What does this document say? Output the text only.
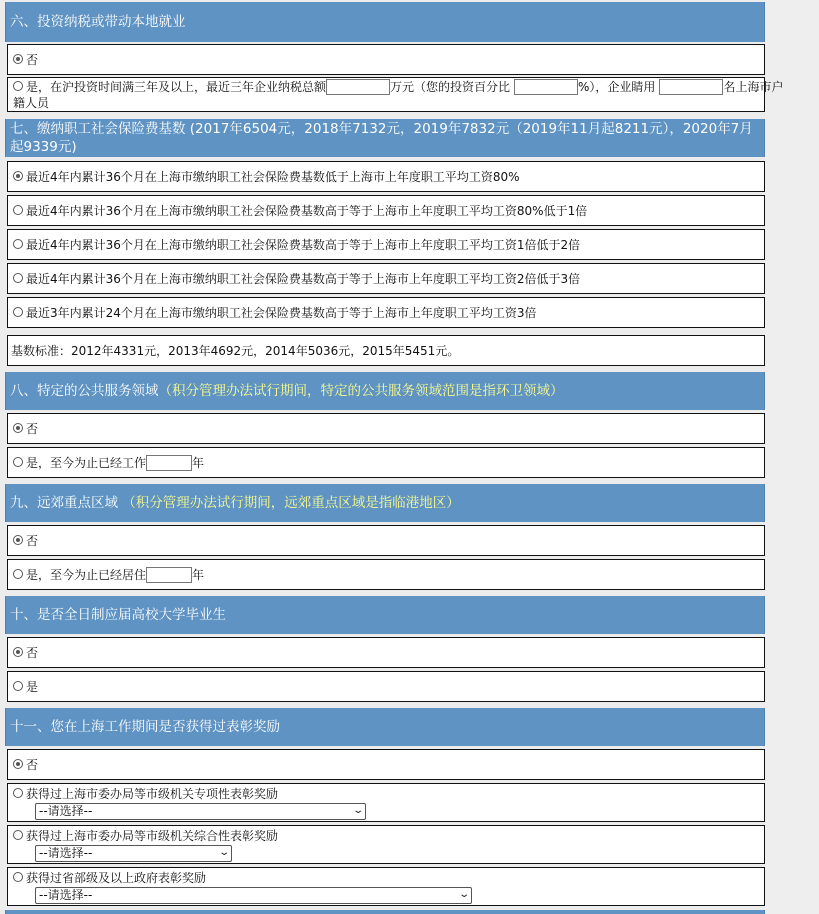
六、投资纳税或带动本地就业
否
是，在沪投资时间满三年及以上，最近三年企业纳税总额	万元（您的投资百分比	%），企业睛用	名上海市户
籍人员
七、缴纳职工社会保险费基数 (2017年6504元，2018年7132元，2019年7832元（2019年11月起8211元），2020年7月起9339元)
最近4年内累计36个月在上海市缴纳职工社会保险费基数低于上海市上年度职工平均工资80%
最近4年内累计36个月在上海市缴纳职工社会保险费基数高于等于上海市上年度职工平均工资80%低于1倍
最近4年内累计36个月在上海市缴纳职工社会保险费基数高于等于上海市上年度职工平均工资1倍低于2倍
最近4年内累计36个月在上海市缴纳职工社会保险费基数高于等于上海市上年度职工平均工资2倍低于3倍
最近3年内累计24个月在上海市缴纳职工社会保险费基数高于等于上海市上年度职工平均工资3倍
基数标准：2012年4331元，2013年4692元，2014年5036元，2015年5451元。
八、特定的公共服务领域（积分管理办法试行期间，特定的公共服务领域范围是指环卫领域）
否
是，至今为止已经工作	年
九、远郊重点区域 （积分管理办法试行期间，远郊重点区域是指临港地区）
否
是，至今为止已经居住	年
十、是否全日制应届高校大学毕业生
否
是
十一、您在上海工作期间是否获得过表彰奖励
否
获得过上海市委办局等市级机关专项性表彰奖励
--请选择--	⌄
获得过上海市委办局等市级机关综合性表彰奖励
--请选择--	⌄
获得过省部级及以上政府表彰奖励
--请选择--	⌄
